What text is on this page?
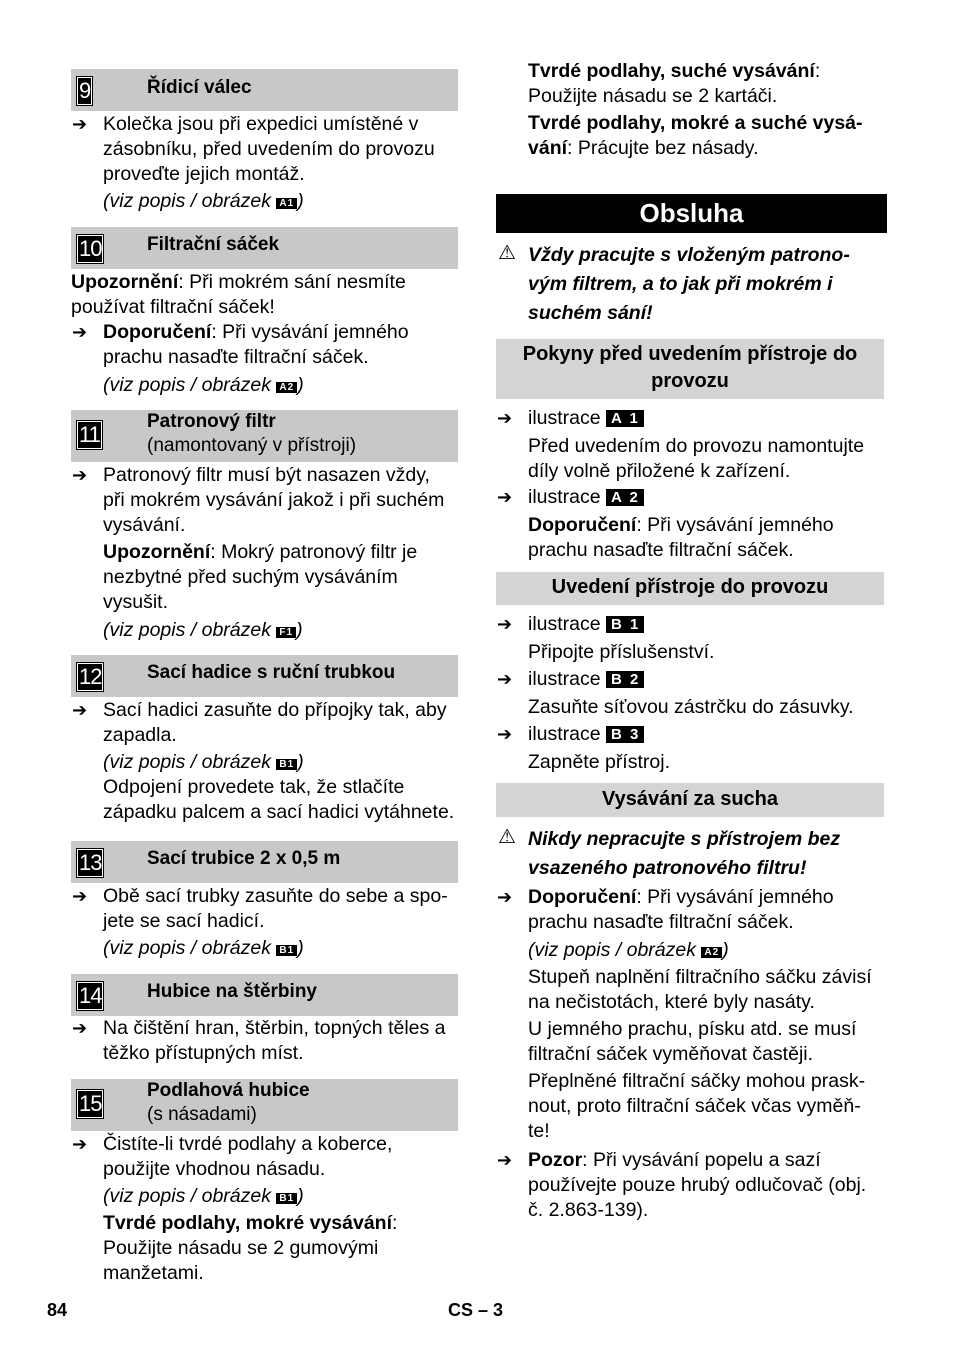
9	Řídicí válec
➔ Kolečka jsou při expedici umístěné v
zásobníku, před uvedením do provozu
proveďte jejich montáž.
(viz popis / obrázek A1 )
10 Filtrační sáček
Upozornění: Při mokrém sání nesmíte
používat filtrační sáček!
➔ Doporučení: Při vysávání jemného
prachu nasaďte filtrační sáček.
(viz popis / obrázek A2 )
11
Patronový filtr
(namontovaný v přístroji)
➔ Patronový filtr musí být nasazen vždy,
při mokrém vysávání jakož i při suchém
vysávání.
Upozornění: Mokrý patronový filtr je
nezbytné před suchým vysáváním
vysušit.
(viz popis / obrázek F1 )
12 Sací hadice s ruční trubkou
➔ Sací hadici zasuňte do přípojky tak, aby
zapadla.
(viz popis / obrázek B1 )
Odpojení provedete tak, že stlačíte
západku palcem a sací hadici vytáhnete.
13 Sací trubice 2 x 0,5 m
➔ Obě sací trubky zasuňte do sebe a spo-
jete se sací hadicí.
(viz popis / obrázek B1 )
14 Hubice na štěrbiny
➔ Na čištění hran, štěrbin, topných těles a
těžko přístupných míst.
15
Podlahová hubice
(s násadami)
➔ Čistíte-li tvrdé podlahy a koberce,
použijte vhodnou násadu.
(viz popis / obrázek B1 )
Tvrdé podlahy, mokré vysávání:
Použijte násadu se 2 gumovými
manžetami.
Tvrdé podlahy, suché vysávání:
Použijte násadu se 2 kartáči.
Tvrdé podlahy, mokré a suché vysá-
vání: Prácujte bez násady.
Obsluha
⚠ Vždy pracujte s vloženým patrono-
vým filtrem, a to jak při mokrém i
suchém sání!
Pokyny před uvedením přístroje do
provozu
➔ ilustrace A 1
Před uvedením do provozu namontujte
díly volně přiložené k zařízení.
➔ ilustrace A 2
Doporučení: Při vysávání jemného
prachu nasaďte filtrační sáček.
Uvedení přístroje do provozu
➔ ilustrace B 1
Připojte příslušenství.
➔ ilustrace B 2
Zasuňte síťovou zástrčku do zásuvky.
➔ ilustrace B 3
Zapněte přístroj.
Vysávání za sucha
⚠ Nikdy nepracujte s přístrojem bez
vsazeného patronového filtru!
➔ Doporučení: Při vysávání jemného
prachu nasaďte filtrační sáček.
(viz popis / obrázek A2 )
Stupeň naplnění filtračního sáčku závisí
na nečistotách, které byly nasáty.
U jemného prachu, písku atd. se musí
filtrační sáček vyměňovat častěji.
Přeplněné filtrační sáčky mohou prask-
nout, proto filtrační sáček včas vyměň-
te!
➔ Pozor: Při vysávání popelu a sazí
používejte pouze hrubý odlučovač (obj.
č. 2.863-139).
84	CS – 3
